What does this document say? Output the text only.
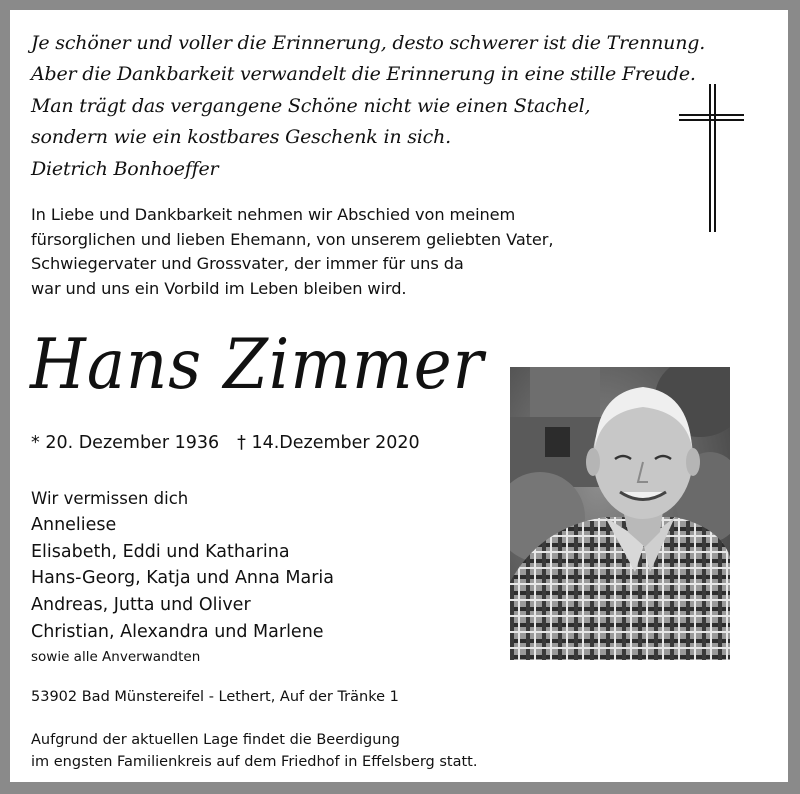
Je schöner und voller die Erinnerung, desto schwerer ist die Trennung.
Aber die Dankbarkeit verwandelt die Erinnerung in eine stille Freude.
Man trägt das vergangene Schöne nicht wie einen Stachel,
sondern wie ein kostbares Geschenk in sich.
Dietrich Bonhoeffer
In Liebe und Dankbarkeit nehmen wir Abschied von meinem
fürsorglichen und lieben Ehemann, von unserem geliebten Vater,
Schwiegervater und Grossvater, der immer für uns da
war und uns ein Vorbild im Leben bleiben wird.
Hans Zimmer
* 20. Dezember 1936 † 14.Dezember 2020
Wir vermissen dich
Anneliese
Elisabeth, Eddi und Katharina
Hans-Georg, Katja und Anna Maria
Andreas, Jutta und Oliver
Christian, Alexandra und Marlene
sowie alle Anverwandten
53902 Bad Münstereifel - Lethert, Auf der Tränke 1
Aufgrund der aktuellen Lage findet die Beerdigung
im engsten Familienkreis auf dem Friedhof in Effelsberg statt.
